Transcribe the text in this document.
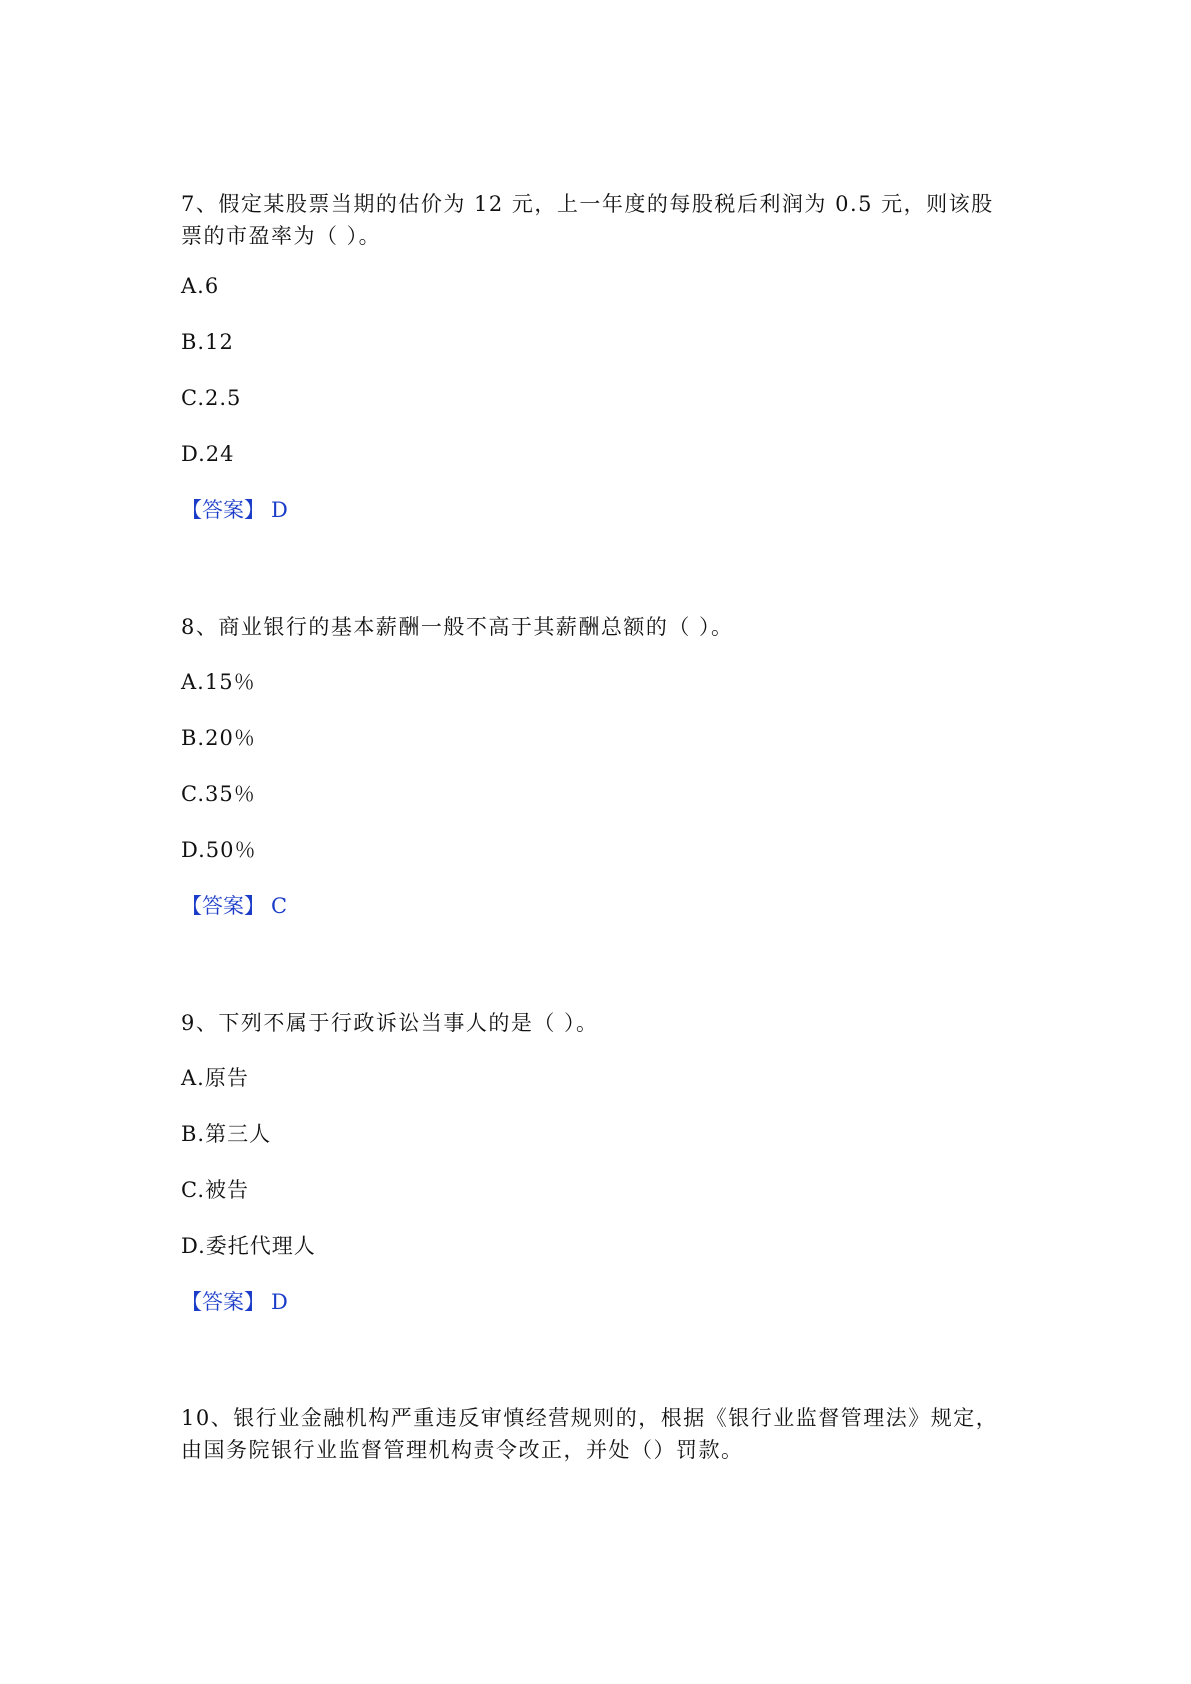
7、假定某股票当期的估价为 12 元，上一年度的每股税后利润为 0.5 元，则该股票的市盈率为（ ）。
A.6
B.12
C.2.5
D.24
【答案】 D
8、商业银行的基本薪酬一般不高于其薪酬总额的（ ）。
A.15％
B.20％
C.35％
D.50％
【答案】 C
9、下列不属于行政诉讼当事人的是（ ）。
A.原告
B.第三人
C.被告
D.委托代理人
【答案】 D
10、银行业金融机构严重违反审慎经营规则的，根据《银行业监督管理法》规定，由国务院银行业监督管理机构责令改正，并处（）罚款。
